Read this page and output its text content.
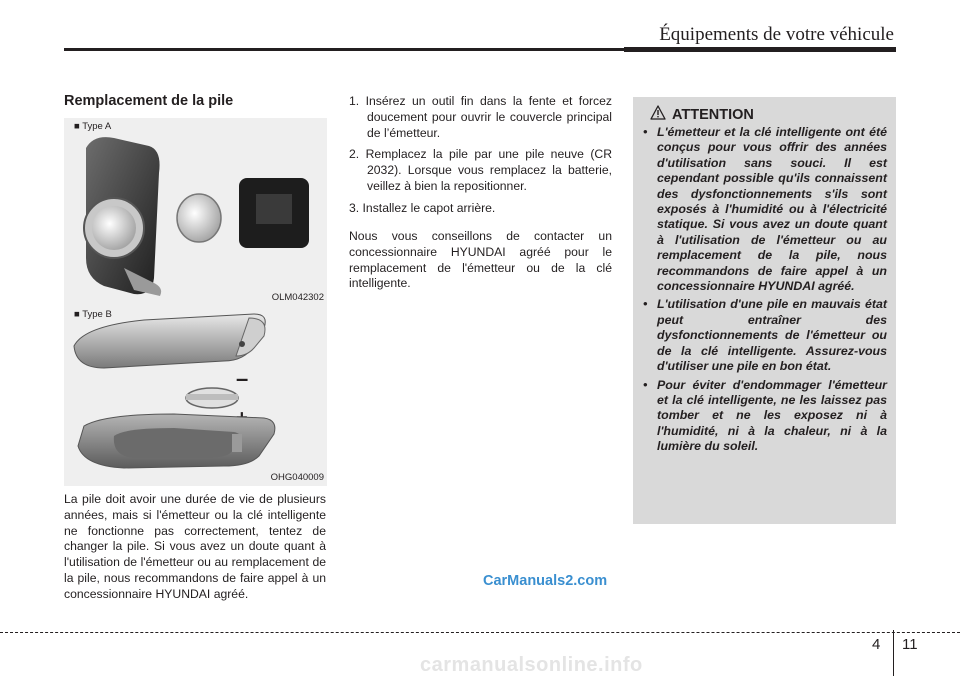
Équipements de votre véhicule
Remplacement de la pile
■ Type A
OLM042302
–
■ Type B
OHG040009
La pile doit avoir une durée de vie de plusieurs années, mais si l'émetteur ou la clé intelligente ne fonctionne pas correctement, tentez de changer la pile. Si vous avez un doute quant à l'utilisation de l'émetteur ou au remplacement de la pile, nous recommandons de faire appel à un concessionnaire HYUNDAI agréé.
1. Insérez un outil fin dans la fente et forcez doucement pour ouvrir le couvercle principal de l’émetteur.
2. Remplacez la pile par une pile neuve (CR 2032). Lorsque vous remplacez la batterie, veillez à bien la repositionner.
3. Installez le capot arrière.
Nous vous conseillons de contacter un concessionnaire HYUNDAI agréé pour le remplacement de l'émetteur ou de la clé intelligente.
ATTENTION
• L'émetteur et la clé intelligente ont été conçus pour vous offrir des années d'utilisation sans souci. Il est cependant possible qu'ils connaissent des dysfonctionnements s'ils sont exposés à l'humidité ou à l'électricité statique. Si vous avez un doute quant à l'utilisation de l'émetteur ou au remplacement de la pile, nous recommandons de faire appel à un concessionnaire HYUNDAI agréé.
• L'utilisation d'une pile en mauvais état peut entraîner des dysfonctionnements de l'émetteur ou de la clé intelligente. Assurez-vous d'utiliser une pile en bon état.
• Pour éviter d'endommager l'émetteur et la clé intelligente, ne les laissez pas tomber et ne les exposez ni à l'humidité, ni à la chaleur, ni à la lumière du soleil.
CarManuals2.com
4 11
carmanualsonline.info
